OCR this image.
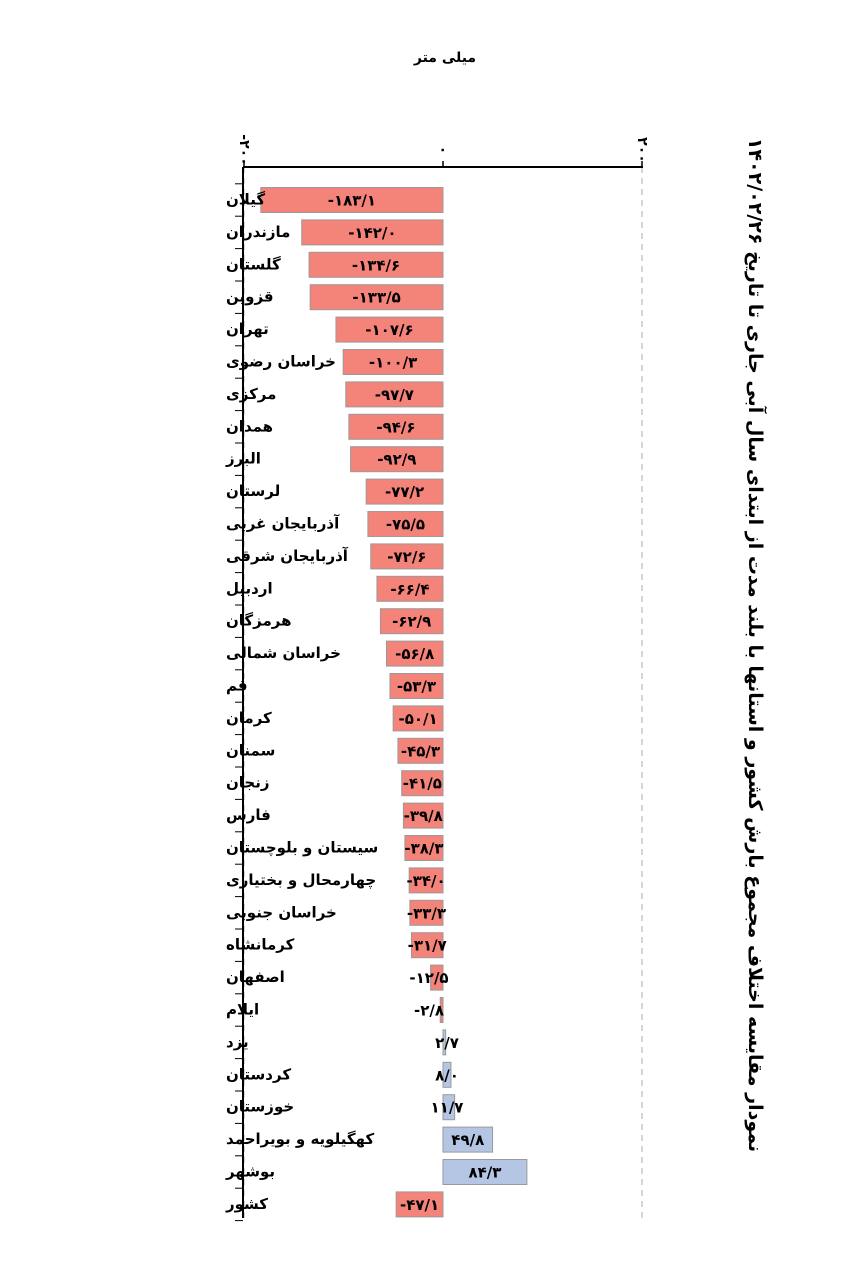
میلی متر
نمودار مقایسه اختلاف مجموع بارش کشور و استانها با بلند مدت از ابتدای سال آبی جاری تا تاریخ ۱۴۰۲/۰۲/۲۶
-۲۰۰	۰	۲۰۰
گیلان	-۱۸۳/۱
مازندران	-۱۴۲/۰
گلستان	-۱۳۴/۶
قزوین	-۱۳۳/۵
تهران	-۱۰۷/۶
خراسان رضوی -۱۰۰/۳
مرکزی	-۹۷/۷
همدان	-۹۴/۶
البرز	-۹۲/۹
لرستان	-۷۷/۲
آذربایجان غربی	-۷۵/۵
آذربایجان شرقی	-۷۲/۶
اردبیل	-۶۶/۴
هرمزگان	-۶۲/۹
خراسان شمالی	-۵۶/۸
قم	-۵۳/۳
کرمان	-۵۰/۱
سمنان	-۴۵/۳
زنجان	-۴۱/۵
فارس	-۳۹/۸
سیستان و بلوچستان -۳۸/۳
چهارمحال و بختیاری -۳۴/۰
خراسان جنوبی	-۳۳/۳
کرمانشاه	-۳۱/۷
اصفهان	-۱۲/۵
ایلام	-۲/۸
یزد	۲/۷
کردستان	۸/۰
خوزستان	۱۱/۷
کهگیلویه و بویراحمد	۴۹/۸
بوشهر	۸۴/۳
کشور	-۴۷/۱
